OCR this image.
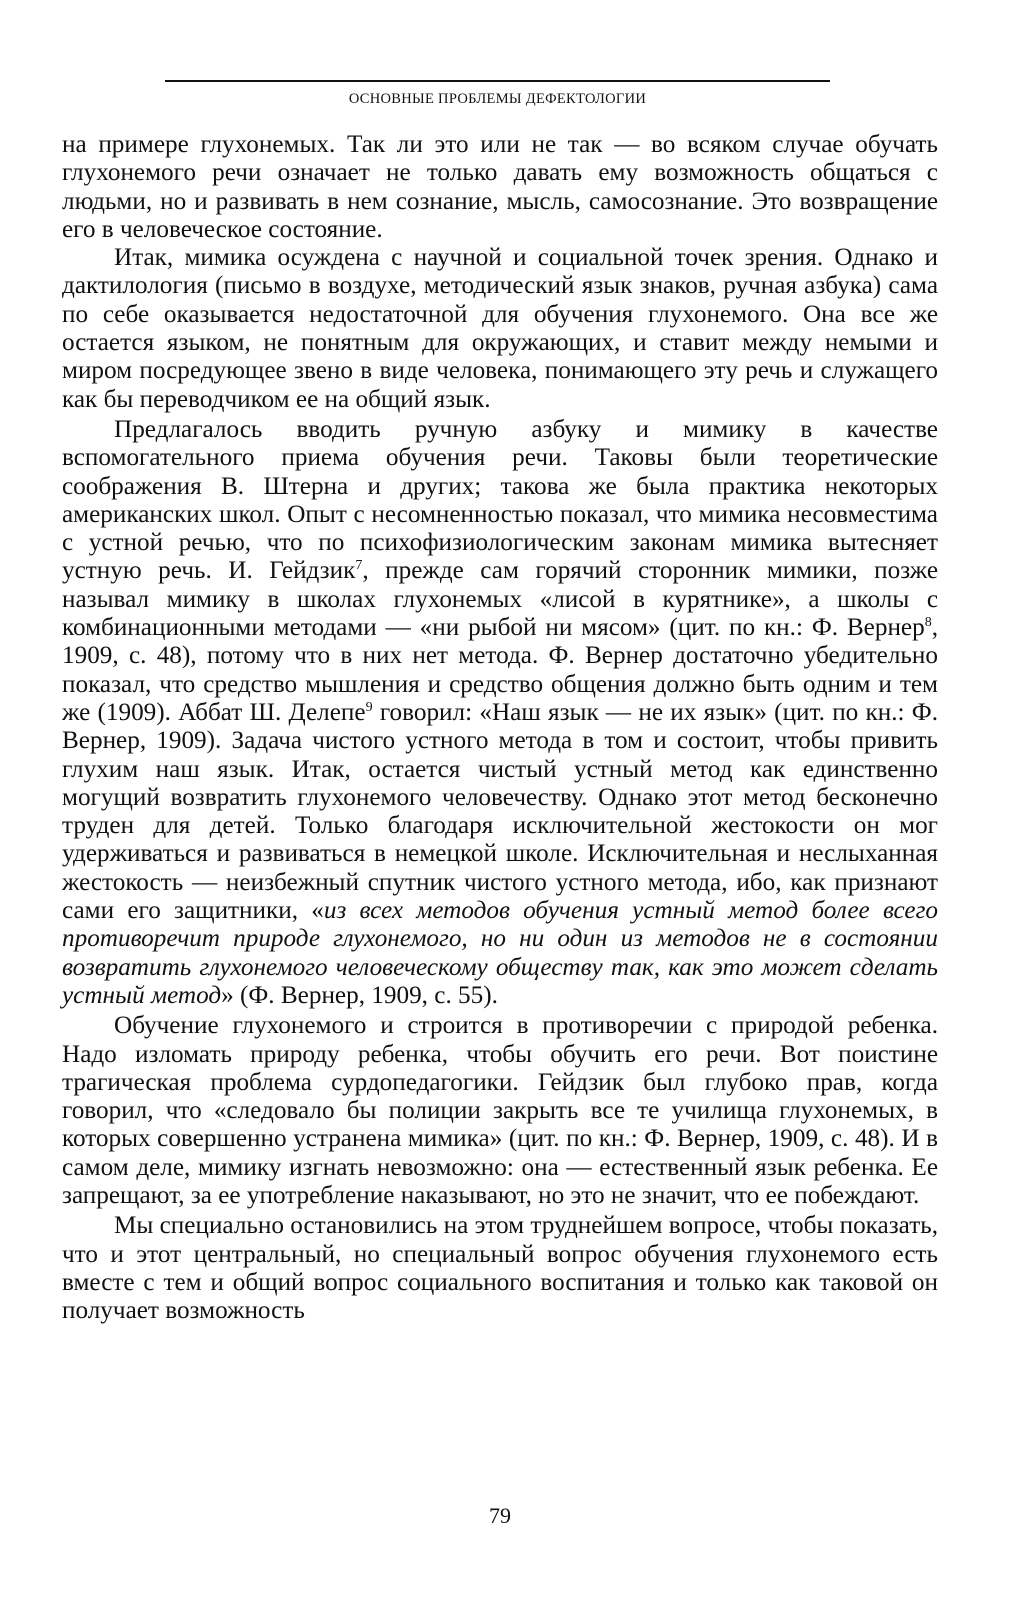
ОСНОВНЫЕ ПРОБЛЕМЫ ДЕФЕКТОЛОГИИ

на примере глухонемых. Так ли это или не так — во всяком случае обучать глухонемого речи означает не только давать ему возможность общаться с людьми, но и развивать в нем сознание, мысль, самосознание. Это возвращение его в человеческое состояние.

Итак, мимика осуждена с научной и социальной точек зрения. Однако и дактилология (письмо в воздухе, методический язык знаков, ручная азбука) сама по себе оказывается недостаточной для обучения глухонемого. Она все же остается языком, не понятным для окружающих, и ставит между немыми и миром посредующее звено в виде человека, понимающего эту речь и служащего как бы переводчиком ее на общий язык.

Предлагалось вводить ручную азбуку и мимику в качестве вспомогательного приема обучения речи. Таковы были теоретические соображения В. Штерна и других; такова же была практика некоторых американских школ. Опыт с несомненностью показал, что мимика несовместима с устной речью, что по психофизиологическим законам мимика вытесняет устную речь. И. Гейдзик$^7$, прежде сам горячий сторонник мимики, позже называл мимику в школах глухонемых «лисой в курятнике», а школы с комбинационными методами — «ни рыбой ни мясом» (цит. по кн.: Ф. Вернер$^8$, 1909, с. 48), потому что в них нет метода. Ф. Вернер достаточно убедительно показал, что средство мышления и средство общения должно быть одним и тем же (1909). Аббат Ш. Делепе$^9$ говорил: «Наш язык — не их язык» (цит. по кн.: Ф. Вернер, 1909). Задача чистого устного метода в том и состоит, чтобы привить глухим наш язык. Итак, остается чистый устный метод как единственно могущий возвратить глухонемого человечеству. Однако этот метод бесконечно труден для детей. Только благодаря исключительной жестокости он мог удерживаться и развиваться в немецкой школе. Исключительная и неслыханная жестокость — неизбежный спутник чистого устного метода, ибо, как признают сами его защитники, «из всех методов обучения устный метод более всего противоречит природе глухонемого, но ни один из методов не в состоянии возвратить глухонемого человеческому обществу так, как это может сделать устный метод» (Ф. Вернер, 1909, с. 55).

Обучение глухонемого и строится в противоречии с природой ребенка. Надо изломать природу ребенка, чтобы обучить его речи. Вот поистине трагическая проблема сурдопедагогики. Гейдзик был глубоко прав, когда говорил, что «следовало бы полиции закрыть все те училища глухонемых, в которых совершенно устранена мимика» (цит. по кн.: Ф. Вернер, 1909, с. 48). И в самом деле, мимику изгнать невозможно: она — естественный язык ребенка. Ее запрещают, за ее употребление наказывают, но это не значит, что ее побеждают.

Мы специально остановились на этом труднейшем вопросе, чтобы показать, что и этот центральный, но специальный вопрос обучения глухонемого есть вместе с тем и общий вопрос социального воспитания и только как таковой он получает возможность

79
